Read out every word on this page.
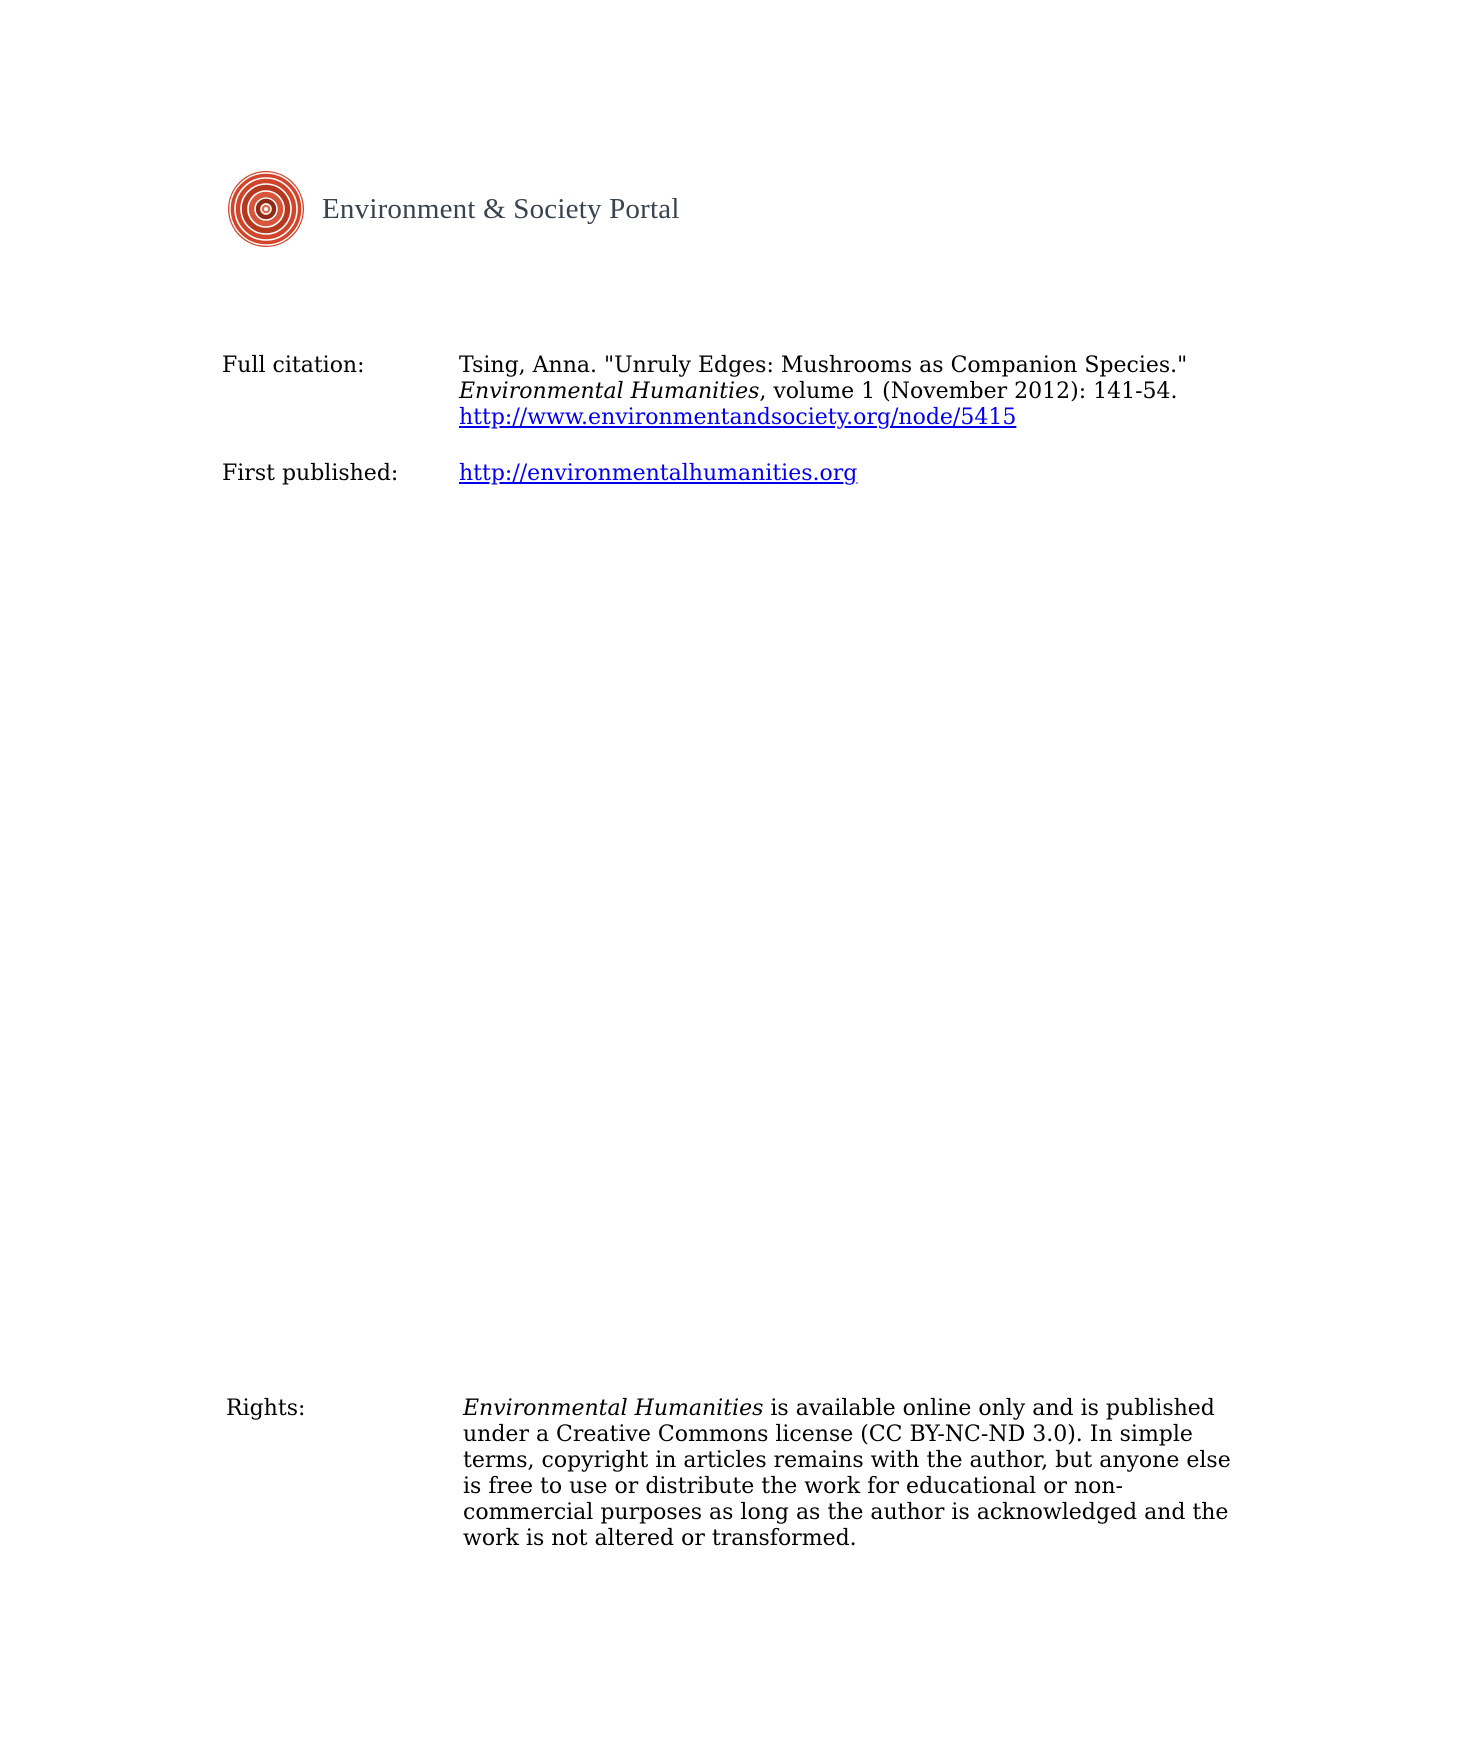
Environment & Society Portal
Full citation:	Tsing, Anna. "Unruly Edges: Mushrooms as Companion Species."
Environmental Humanities, volume 1 (November 2012): 141-54.
http://www.environmentandsociety.org/node/5415
First published:	http://environmentalhumanities.org
Rights:	Environmental Humanities is available online only and is published under a Creative Commons license (CC BY-NC-ND 3.0). In simple terms, copyright in articles remains with the author, but anyone else is free to use or distribute the work for educational or non-commercial purposes as long as the author is acknowledged and the work is not altered or transformed.
